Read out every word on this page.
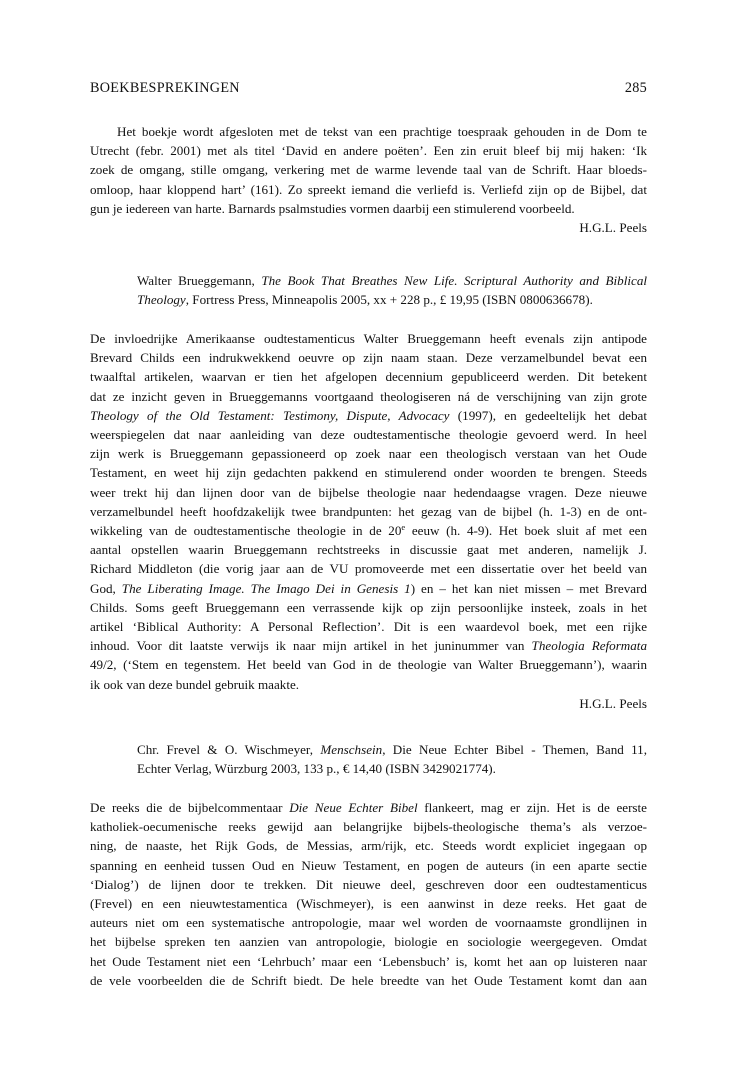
BOEKBESPREKINGEN	285
Het boekje wordt afgesloten met de tekst van een prachtige toespraak gehouden in de Dom te
Utrecht (febr. 2001) met als titel ‘David en andere poëten’. Een zin eruit bleef bij mij haken: ‘Ik
zoek de omgang, stille omgang, verkering met de warme levende taal van de Schrift. Haar bloeds-
omloop, haar kloppend hart’ (161). Zo spreekt iemand die verliefd is. Verliefd zijn op de Bijbel, dat
gun je iedereen van harte. Barnards psalmstudies vormen daarbij een stimulerend voorbeeld.
H.G.L. Peels
Walter Brueggemann, The Book That Breathes New Life. Scriptural Authority and Biblical
Theology, Fortress Press, Minneapolis 2005, xx + 228 p., £ 19,95 (ISBN 0800636678).
De invloedrijke Amerikaanse oudtestamenticus Walter Brueggemann heeft evenals zijn antipode
Brevard Childs een indrukwekkend oeuvre op zijn naam staan. Deze verzamelbundel bevat een
twaalftal artikelen, waarvan er tien het afgelopen decennium gepubliceerd werden. Dit betekent
dat ze inzicht geven in Brueggemanns voortgaand theologiseren ná de verschijning van zijn grote
Theology of the Old Testament: Testimony, Dispute, Advocacy (1997), en gedeeltelijk het debat
weerspiegelen dat naar aanleiding van deze oudtestamentische theologie gevoerd werd. In heel
zijn werk is Brueggemann gepassioneerd op zoek naar een theologisch verstaan van het Oude
Testament, en weet hij zijn gedachten pakkend en stimulerend onder woorden te brengen. Steeds
weer trekt hij dan lijnen door van de bijbelse theologie naar hedendaagse vragen. Deze nieuwe
verzamelbundel heeft hoofdzakelijk twee brandpunten: het gezag van de bijbel (h. 1-3) en de ont-
wikkeling van de oudtestamentische theologie in de 20e eeuw (h. 4-9). Het boek sluit af met een
aantal opstellen waarin Brueggemann rechtstreeks in discussie gaat met anderen, namelijk J.
Richard Middleton (die vorig jaar aan de VU promoveerde met een dissertatie over het beeld van
God, The Liberating Image. The Imago Dei in Genesis 1) en – het kan niet missen – met Brevard
Childs. Soms geeft Brueggemann een verrassende kijk op zijn persoonlijke insteek, zoals in het
artikel ‘Biblical Authority: A Personal Reflection’. Dit is een waardevol boek, met een rijke
inhoud. Voor dit laatste verwijs ik naar mijn artikel in het juninummer van Theologia Reformata
49/2, (‘Stem en tegenstem. Het beeld van God in de theologie van Walter Brueggemann’), waarin
ik ook van deze bundel gebruik maakte.
H.G.L. Peels
Chr. Frevel & O. Wischmeyer, Menschsein, Die Neue Echter Bibel - Themen, Band 11,
Echter Verlag, Würzburg 2003, 133 p., € 14,40 (ISBN 3429021774).
De reeks die de bijbelcommentaar Die Neue Echter Bibel flankeert, mag er zijn. Het is de eerste
katholiek-oecumenische reeks gewijd aan belangrijke bijbels-theologische thema’s als verzoe-
ning, de naaste, het Rijk Gods, de Messias, arm/rijk, etc. Steeds wordt expliciet ingegaan op
spanning en eenheid tussen Oud en Nieuw Testament, en pogen de auteurs (in een aparte sectie
‘Dialog’) de lijnen door te trekken. Dit nieuwe deel, geschreven door een oudtestamenticus
(Frevel) en een nieuwtestamentica (Wischmeyer), is een aanwinst in deze reeks. Het gaat de
auteurs niet om een systematische antropologie, maar wel worden de voornaamste grondlijnen in
het bijbelse spreken ten aanzien van antropologie, biologie en sociologie weergegeven. Omdat
het Oude Testament niet een ‘Lehrbuch’ maar een ‘Lebensbuch’ is, komt het aan op luisteren naar
de vele voorbeelden die de Schrift biedt. De hele breedte van het Oude Testament komt dan aan
